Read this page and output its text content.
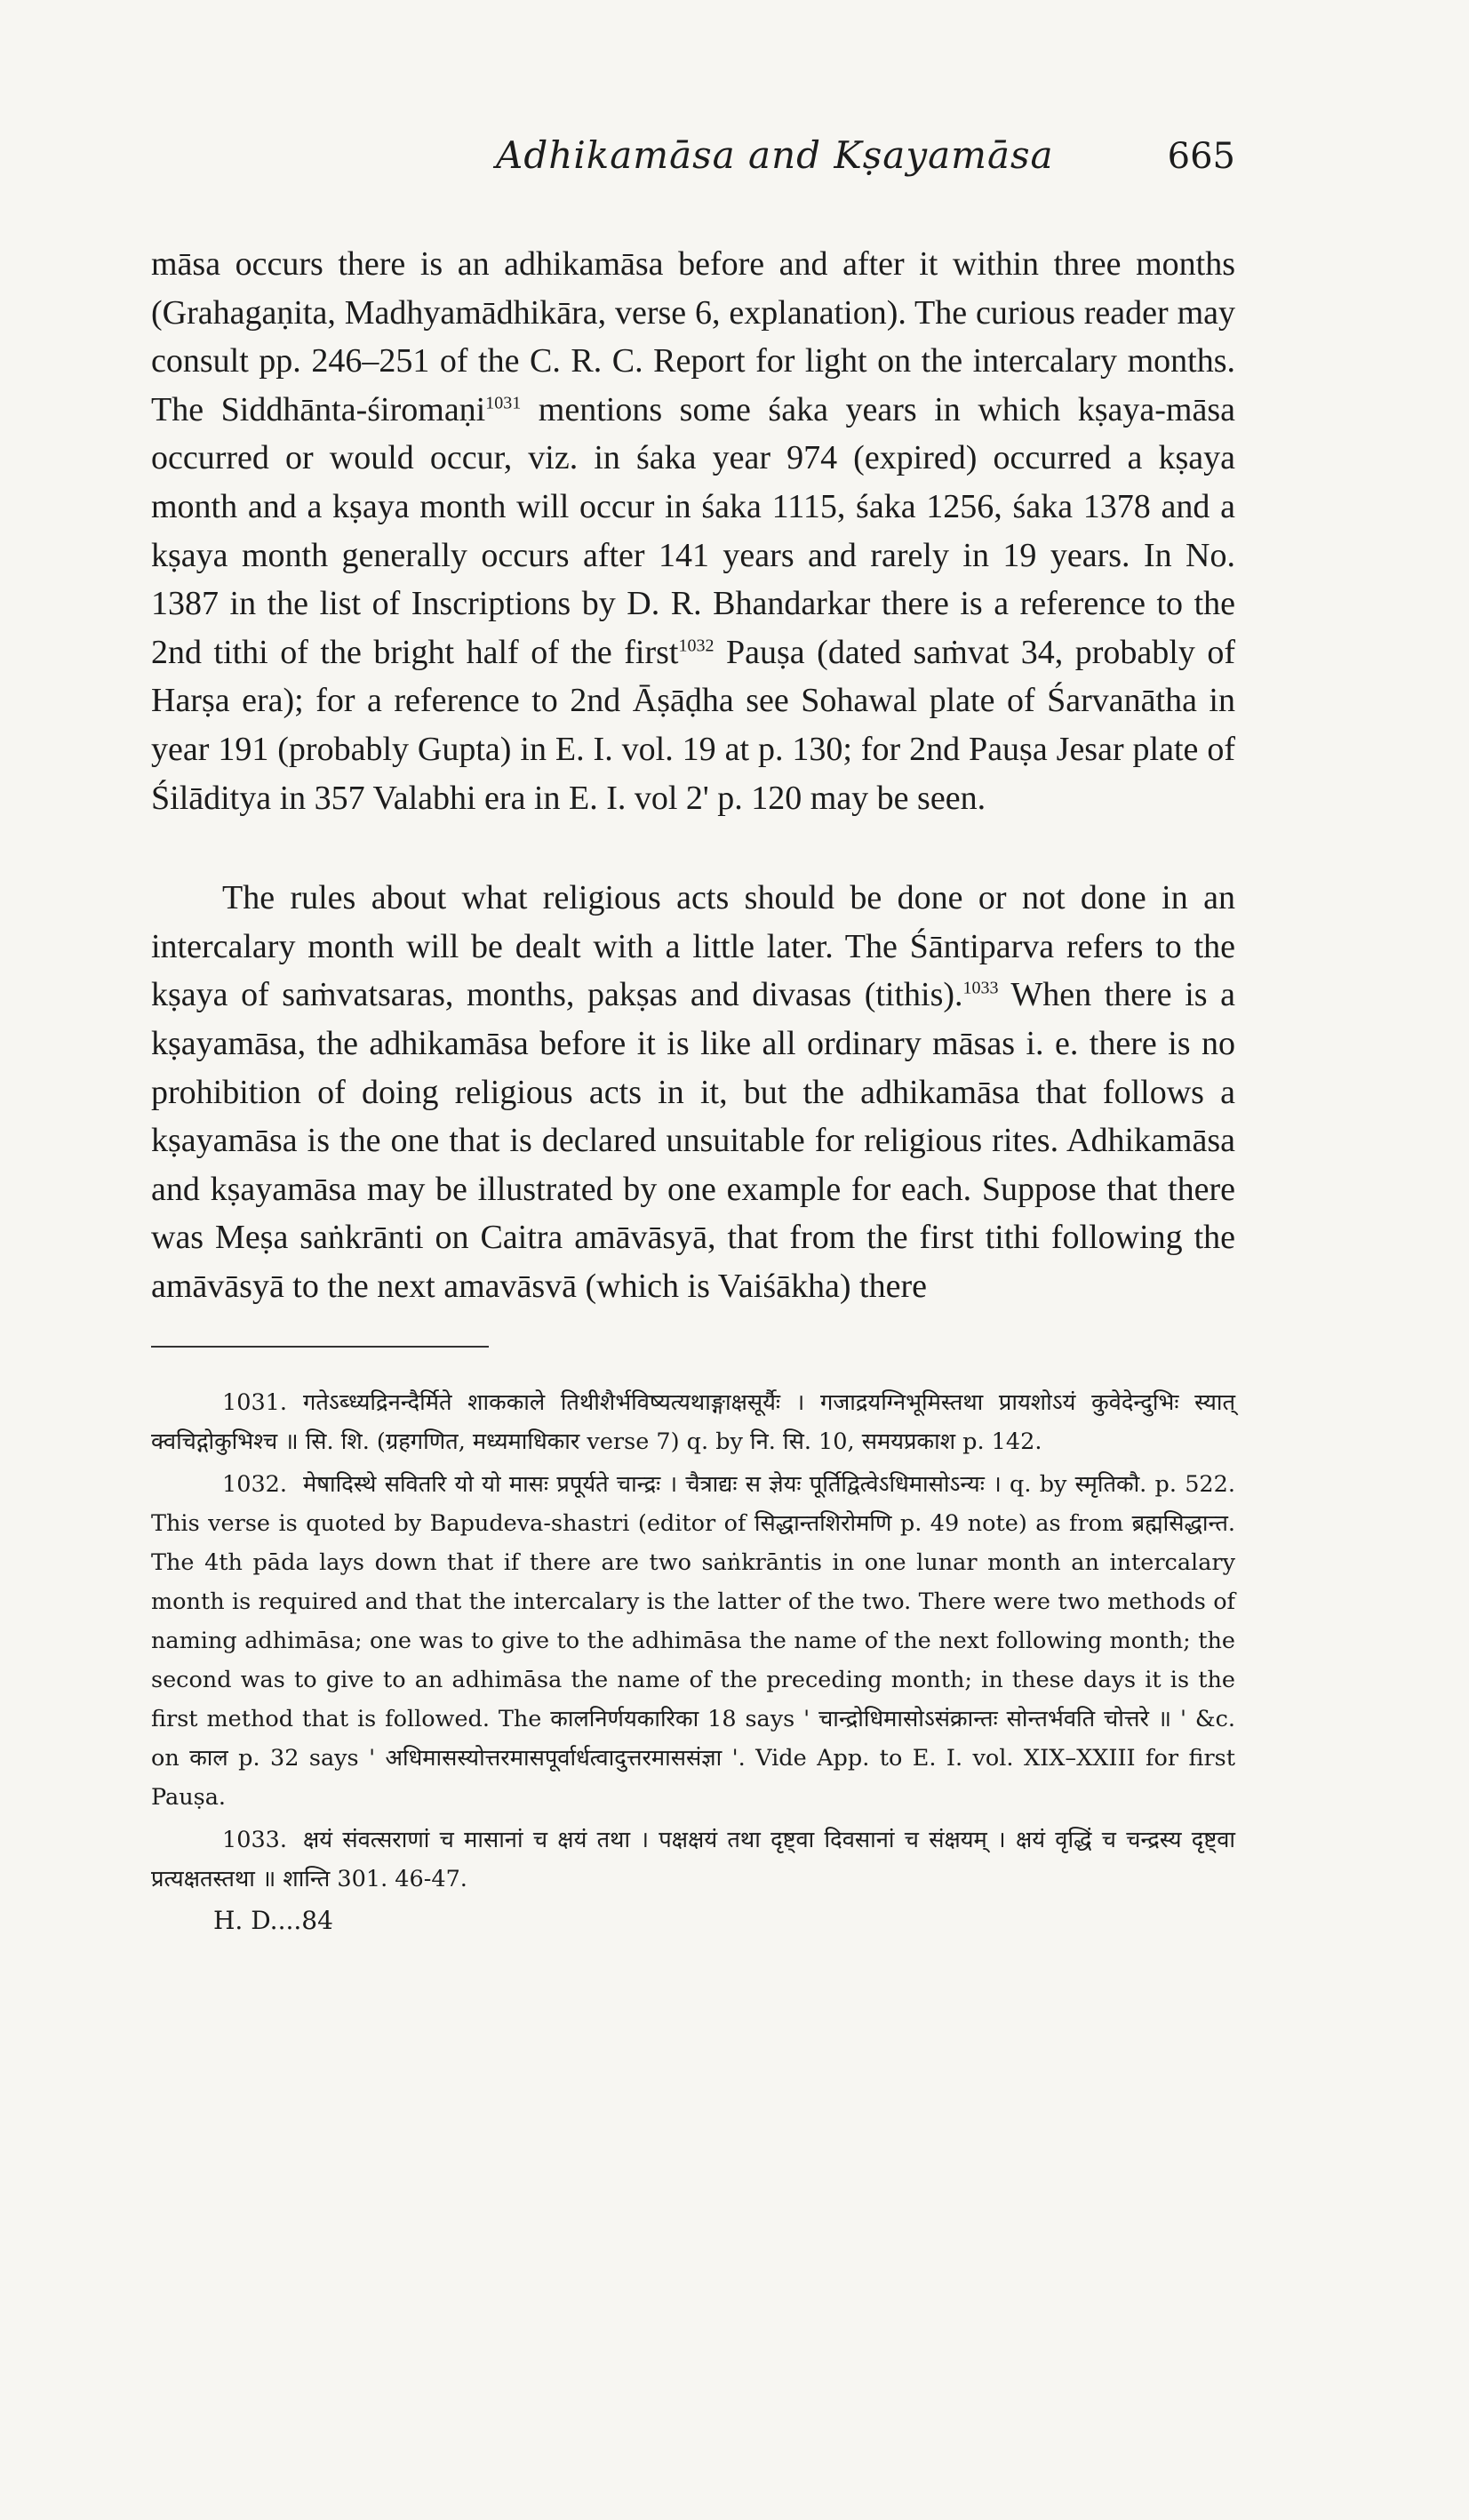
Adhikamāsa and Kṣayamāsa	665

māsa occurs there is an adhikamāsa before and after it within three months (Grahagaṇita, Madhyamādhikāra, verse 6, explanation). The curious reader may consult pp. 246–251 of the C. R. C. Report for light on the intercalary months. The Siddhānta-śiromaṇi$^{1031}$ mentions some śaka years in which kṣaya-māsa occurred or would occur, viz. in śaka year 974 (expired) occurred a kṣaya month and a kṣaya month will occur in śaka 1115, śaka 1256, śaka 1378 and a kṣaya month generally occurs after 141 years and rarely in 19 years. In No. 1387 in the list of Inscriptions by D. R. Bhandarkar there is a reference to the 2nd tithi of the bright half of the first$^{1032}$ Pauṣa (dated saṁvat 34, probably of Harṣa era); for a reference to 2nd Āṣāḍha see Sohawal plate of Śarvanātha in year 191 (probably Gupta) in E. I. vol. 19 at p. 130; for 2nd Pauṣa Jesar plate of Śilāditya in 357 Valabhi era in E. I. vol 2' p. 120 may be seen.

The rules about what religious acts should be done or not done in an intercalary month will be dealt with a little later. The Śāntiparva refers to the kṣaya of saṁvatsaras, months, pakṣas and divasas (tithis).$^{1033}$ When there is a kṣayamāsa, the adhikamāsa before it is like all ordinary māsas i. e. there is no prohibition of doing religious acts in it, but the adhikamāsa that follows a kṣayamāsa is the one that is declared unsuitable for religious rites. Adhikamāsa and kṣayamāsa may be illustrated by one example for each. Suppose that there was Meṣa saṅkrānti on Caitra amāvāsyā, that from the first tithi following the amāvāsyā to the next amavāsvā (which is Vaiśākha) there

1031. गतेऽब्ध्यद्रिनन्दैर्मिते शाककाले तिथीशैर्भविष्यत्यथाङ्गाक्षसूर्यैः । गजाद्रयग्निभूमिस्तथा प्रायशोऽयं कुवेदेन्दुभिः स्यात् क्वचिद्गोकुभिश्च ॥ सि. शि. (ग्रहगणित, मध्यमाधिकार verse 7) q. by नि. सि. 10, समयप्रकाश p. 142.

1032. मेषादिस्थे सवितरि यो यो मासः प्रपूर्यते चान्द्रः । चैत्राद्यः स ज्ञेयः पूर्तिद्वित्वेऽधिमासोऽन्यः । q. by स्मृतिकौ. p. 522. This verse is quoted by Bapudeva-shastri (editor of सिद्धान्तशिरोमणि p. 49 note) as from ब्रह्मसिद्धान्त. The 4th pāda lays down that if there are two saṅkrāntis in one lunar month an intercalary month is required and that the intercalary is the latter of the two. There were two methods of naming adhimāsa; one was to give to the adhimāsa the name of the next following month; the second was to give to an adhimāsa the name of the preceding month; in these days it is the first method that is followed. The कालनिर्णयकारिका 18 says ' चान्द्रोधिमासोऽसंक्रान्तः सोन्तर्भवति चोत्तरे ॥ ' &c. on काल p. 32 says ' अधिमासस्योत्तरमासपूर्वार्धत्वादुत्तरमाससंज्ञा '. Vide App. to E. I. vol. XIX–XXIII for first Pauṣa.

1033. क्षयं संवत्सराणां च मासानां च क्षयं तथा । पक्षक्षयं तथा दृष्ट्वा दिवसानां च संक्षयम् । क्षयं वृद्धिं च चन्द्रस्य दृष्ट्वा प्रत्यक्षतस्तथा ॥ शान्ति 301. 46-47.

H. D....84
